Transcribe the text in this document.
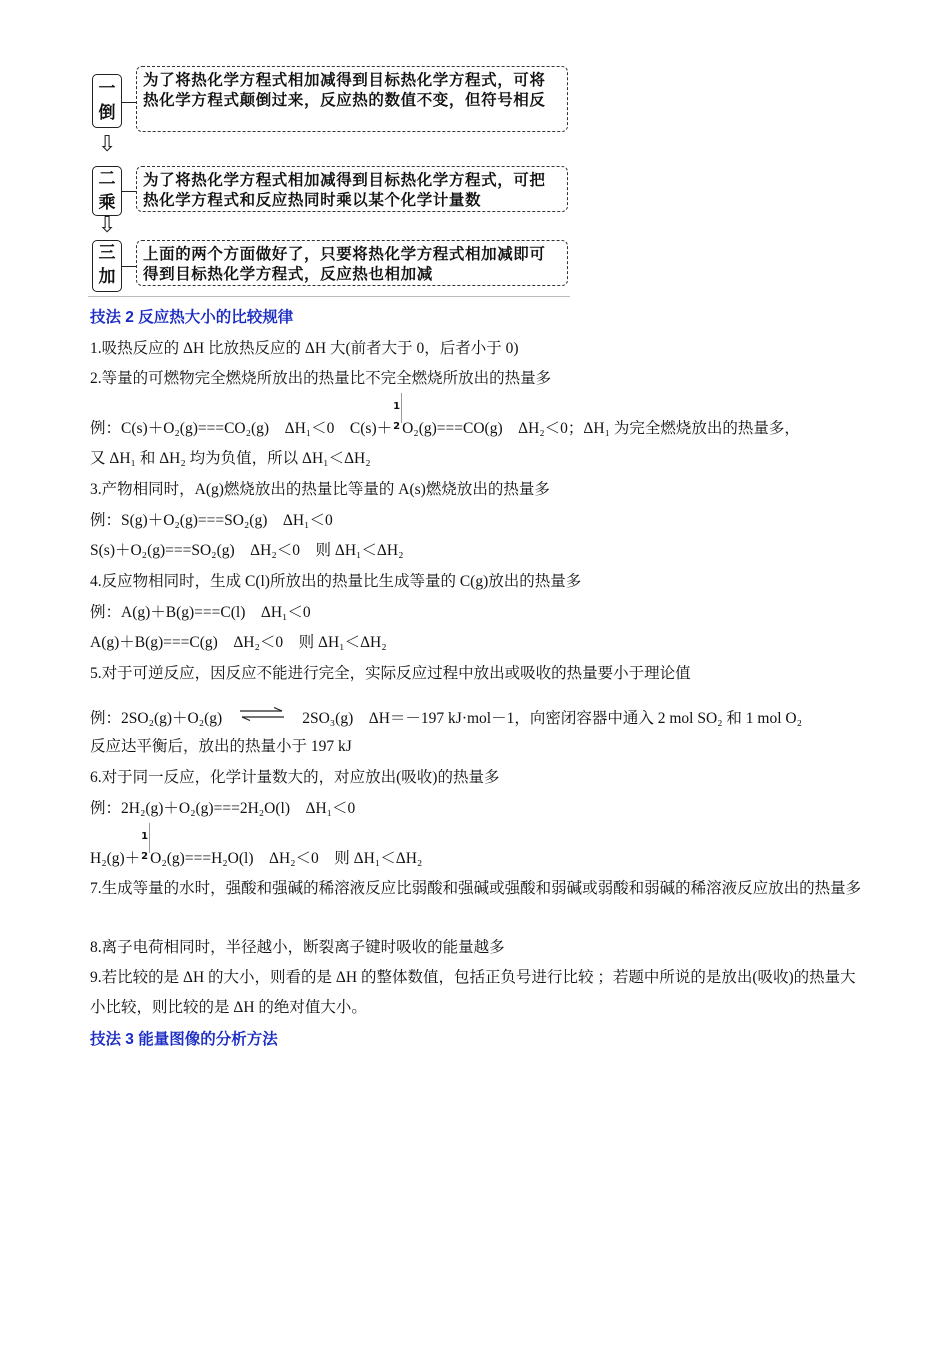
一
倒
为了将热化学方程式相加减得到目标热化学方程式，可将热化学方程式颠倒过来，反应热的数值不变，但符号相反
⇩
二
乘
为了将热化学方程式相加减得到目标热化学方程式，可把热化学方程式和反应热同时乘以某个化学计量数
⇩
三
加
上面的两个方面做好了，只要将热化学方程式相加减即可得到目标热化学方程式，反应热也相加减
技法 2 反应热大小的比较规律
1.吸热反应的 ΔH 比放热反应的 ΔH 大(前者大于 0，后者小于 0)
2.等量的可燃物完全燃烧所放出的热量比不完全燃烧所放出的热量多
例：C(s)＋O₂(g)===CO₂(g)　ΔH₁＜0　C(s)＋
1
2 O₂(g)===CO(g)　ΔH₂＜0；ΔH₁ 为完全燃烧放出的热量多，
又 ΔH₁ 和 ΔH₂ 均为负值，所以 ΔH₁＜ΔH₂
3.产物相同时，A(g)燃烧放出的热量比等量的 A(s)燃烧放出的热量多
例：S(g)＋O₂(g)===SO₂(g)　ΔH₁＜0
S(s)＋O₂(g)===SO₂(g)　ΔH₂＜0　则 ΔH₁＜ΔH₂
4.反应物相同时，生成 C(l)所放出的热量比生成等量的 C(g)放出的热量多
例：A(g)＋B(g)===C(l)　ΔH₁＜0
A(g)＋B(g)===C(g)　ΔH₂＜0　则 ΔH₁＜ΔH₂
5.对于可逆反应，因反应不能进行完全，实际反应过程中放出或吸收的热量要小于理论值
例：2SO₂(g)＋O₂(g) ⇌ 2SO₃(g)　ΔH＝－197 kJ·mol－1，向密闭容器中通入 2 mol SO₂ 和 1 mol O₂
反应达平衡后，放出的热量小于 197 kJ
6.对于同一反应，化学计量数大的，对应放出(吸收)的热量多
例：2H₂(g)＋O₂(g)===2H₂O(l)　ΔH₁＜0
H₂(g)＋
1
2 O₂(g)===H₂O(l)　ΔH₂＜0　则 ΔH₁＜ΔH₂
7.生成等量的水时，强酸和强碱的稀溶液反应比弱酸和强碱或强酸和弱碱或弱酸和弱碱的稀溶液反应放出的热量多
8.离子电荷相同时，半径越小，断裂离子键时吸收的能量越多
9.若比较的是 ΔH 的大小，则看的是 ΔH 的整体数值，包括正负号进行比较 ；若题中所说的是放出(吸收)的热量大小比较，则比较的是 ΔH 的绝对值大小。
技法 3 能量图像的分析方法
